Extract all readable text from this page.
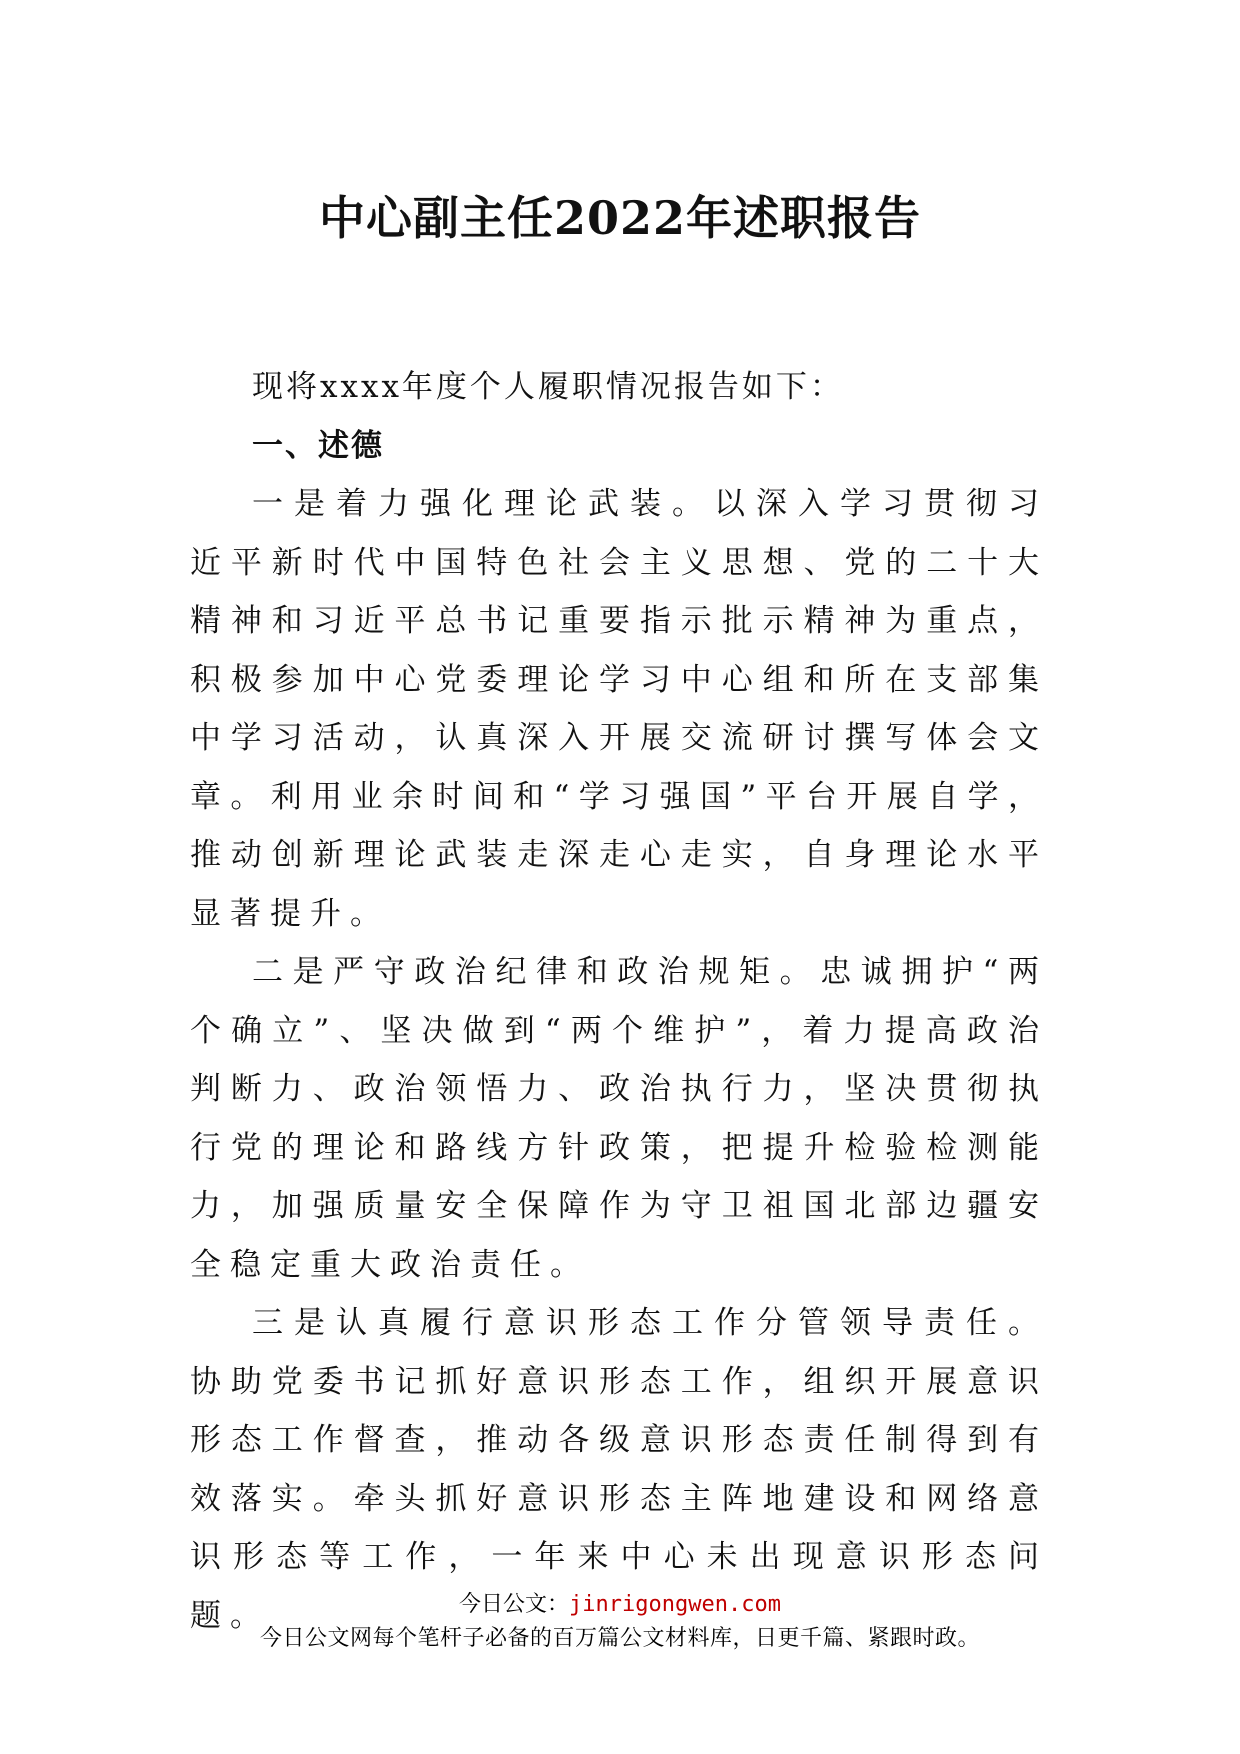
中心副主任2022年述职报告

现将xxxx年度个人履职情况报告如下：

一、述德

一是着力强化理论武装。以深入学习贯彻习近平新时代中国特色社会主义思想、党的二十大精神和习近平总书记重要指示批示精神为重点，积极参加中心党委理论学习中心组和所在支部集中学习活动，认真深入开展交流研讨撰写体会文章。利用业余时间和“学习强国”平台开展自学，推动创新理论武装走深走心走实，自身理论水平显著提升。

二是严守政治纪律和政治规矩。忠诚拥护“两个确立”、坚决做到“两个维护”，着力提高政治判断力、政治领悟力、政治执行力，坚决贯彻执行党的理论和路线方针政策，把提升检验检测能力，加强质量安全保障作为守卫祖国北部边疆安全稳定重大政治责任。

三是认真履行意识形态工作分管领导责任。协助党委书记抓好意识形态工作，组织开展意识形态工作督查，推动各级意识形态责任制得到有效落实。牵头抓好意识形态主阵地建设和网络意识形态等工作，一年来中心未出现意识形态问题。	今日公文：jinrigongwen.com
今日公文网每个笔杆子必备的百万篇公文材料库，日更千篇、紧跟时政。
